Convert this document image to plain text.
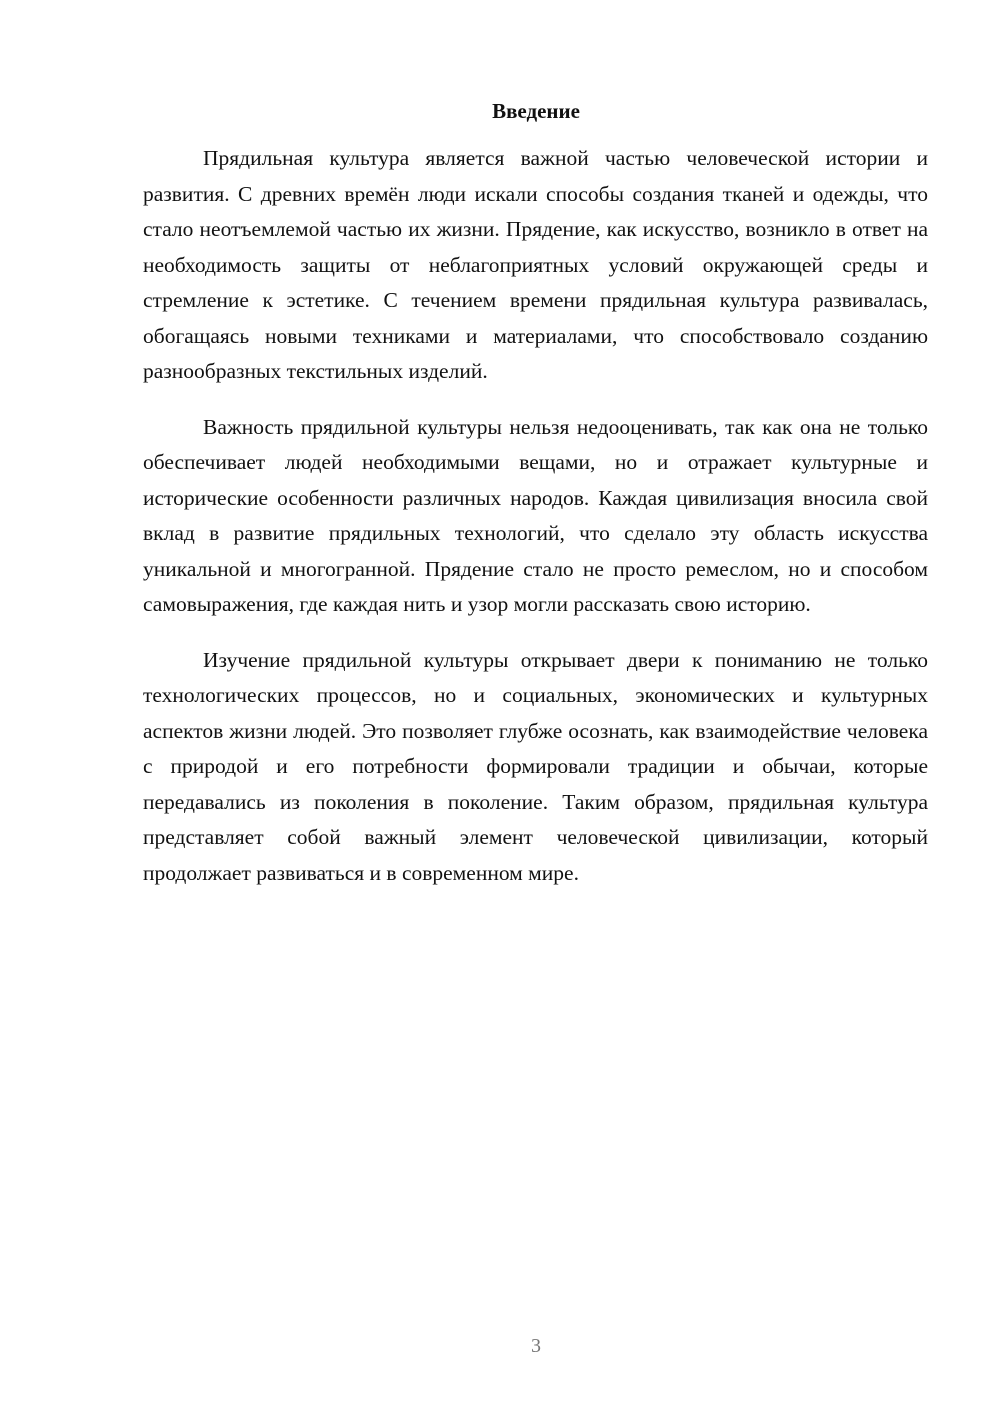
Введение

Прядильная культура является важной частью человеческой истории и развития. С древних времён люди искали способы создания тканей и одежды, что стало неотъемлемой частью их жизни. Прядение, как искусство, возникло в ответ на необходимость защиты от неблагоприятных условий окружающей среды и стремление к эстетике. С течением времени прядильная культура развивалась, обогащаясь новыми техниками и материалами, что способствовало созданию разнообразных текстильных изделий.

Важность прядильной культуры нельзя недооценивать, так как она не только обеспечивает людей необходимыми вещами, но и отражает культурные и исторические особенности различных народов. Каждая цивилизация вносила свой вклад в развитие прядильных технологий, что сделало эту область искусства уникальной и многогранной. Прядение стало не просто ремеслом, но и способом самовыражения, где каждая нить и узор могли рассказать свою историю.

Изучение прядильной культуры открывает двери к пониманию не только технологических процессов, но и социальных, экономических и культурных аспектов жизни людей. Это позволяет глубже осознать, как взаимодействие человека с природой и его потребности формировали традиции и обычаи, которые передавались из поколения в поколение. Таким образом, прядильная культура представляет собой важный элемент человеческой цивилизации, который продолжает развиваться и в современном мире.

3
